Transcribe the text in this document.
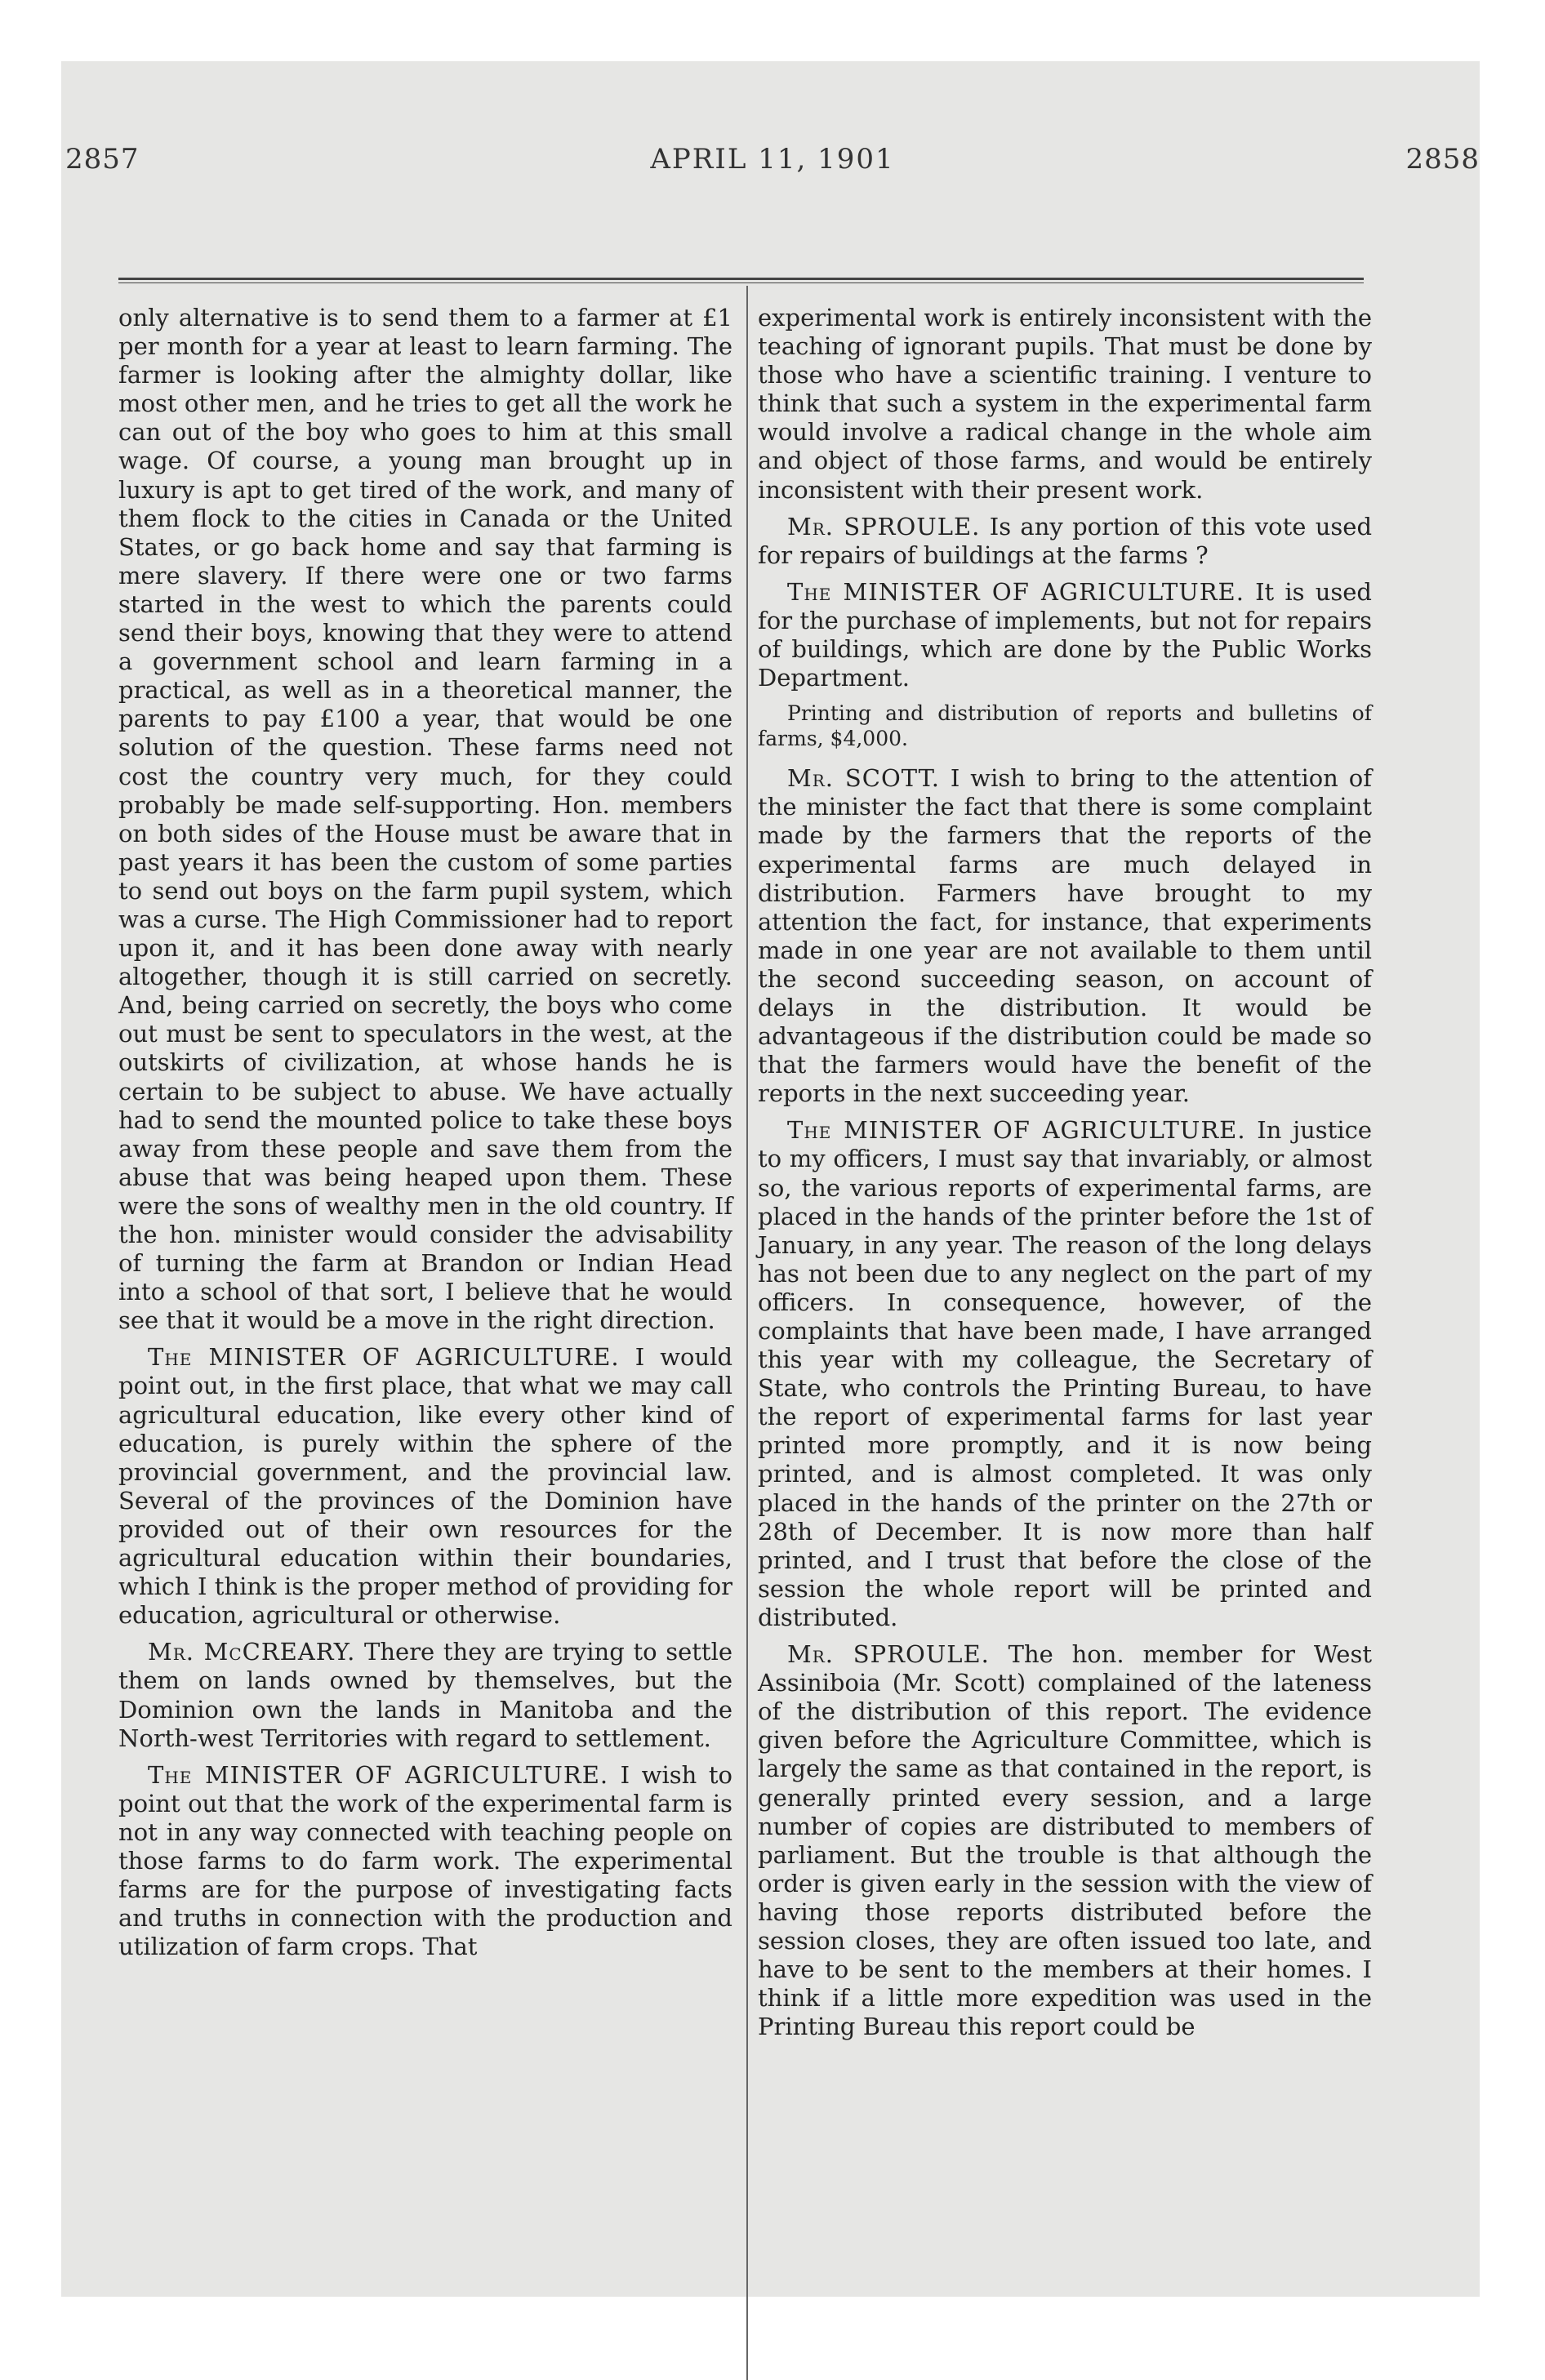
2857	APRIL 11, 1901	2858

only alternative is to send them to a farmer at £1 per month for a year at least to learn farming. The farmer is looking after the almighty dollar, like most other men, and he tries to get all the work he can out of the boy who goes to him at this small wage. Of course, a young man brought up in luxury is apt to get tired of the work, and many of them flock to the cities in Canada or the United States, or go back home and say that farming is mere slavery. If there were one or two farms started in the west to which the parents could send their boys, knowing that they were to attend a government school and learn farming in a practical, as well as in a theoretical manner, the parents to pay £100 a year, that would be one solution of the question. These farms need not cost the country very much, for they could probably be made self-supporting. Hon. members on both sides of the House must be aware that in past years it has been the custom of some parties to send out boys on the farm pupil system, which was a curse. The High Commissioner had to report upon it, and it has been done away with nearly altogether, though it is still carried on secretly. And, being carried on secretly, the boys who come out must be sent to speculators in the west, at the outskirts of civilization, at whose hands he is certain to be subject to abuse. We have actually had to send the mounted police to take these boys away from these people and save them from the abuse that was being heaped upon them. These were the sons of wealthy men in the old country. If the hon. minister would consider the advisability of turning the farm at Brandon or Indian Head into a school of that sort, I believe that he would see that it would be a move in the right direction.

The MINISTER OF AGRICULTURE. I would point out, in the first place, that what we may call agricultural education, like every other kind of education, is purely within the sphere of the provincial government, and the provincial law. Several of the provinces of the Dominion have provided out of their own resources for the agricultural education within their boundaries, which I think is the proper method of providing for education, agricultural or otherwise.

Mr. McCREARY. There they are trying to settle them on lands owned by themselves, but the Dominion own the lands in Manitoba and the North-west Territories with regard to settlement.

The MINISTER OF AGRICULTURE. I wish to point out that the work of the experimental farm is not in any way connected with teaching people on those farms to do farm work. The experimental farms are for the purpose of investigating facts and truths in connection with the production and utilization of farm crops. That

experimental work is entirely inconsistent with the teaching of ignorant pupils. That must be done by those who have a scientific training. I venture to think that such a system in the experimental farm would involve a radical change in the whole aim and object of those farms, and would be entirely inconsistent with their present work.

Mr. SPROULE. Is any portion of this vote used for repairs of buildings at the farms ?

The MINISTER OF AGRICULTURE. It is used for the purchase of implements, but not for repairs of buildings, which are done by the Public Works Department.

Printing and distribution of reports and bulletins of farms, $4,000.

Mr. SCOTT. I wish to bring to the attention of the minister the fact that there is some complaint made by the farmers that the reports of the experimental farms are much delayed in distribution. Farmers have brought to my attention the fact, for instance, that experiments made in one year are not available to them until the second succeeding season, on account of delays in the distribution. It would be advantageous if the distribution could be made so that the farmers would have the benefit of the reports in the next succeeding year.

The MINISTER OF AGRICULTURE. In justice to my officers, I must say that invariably, or almost so, the various reports of experimental farms, are placed in the hands of the printer before the 1st of January, in any year. The reason of the long delays has not been due to any neglect on the part of my officers. In consequence, however, of the complaints that have been made, I have arranged this year with my colleague, the Secretary of State, who controls the Printing Bureau, to have the report of experimental farms for last year printed more promptly, and it is now being printed, and is almost completed. It was only placed in the hands of the printer on the 27th or 28th of December. It is now more than half printed, and I trust that before the close of the session the whole report will be printed and distributed.

Mr. SPROULE. The hon. member for West Assiniboia (Mr. Scott) complained of the lateness of the distribution of this report. The evidence given before the Agriculture Committee, which is largely the same as that contained in the report, is generally printed every session, and a large number of copies are distributed to members of parliament. But the trouble is that although the order is given early in the session with the view of having those reports distributed before the session closes, they are often issued too late, and have to be sent to the members at their homes. I think if a little more expedition was used in the Printing Bureau this report could be
